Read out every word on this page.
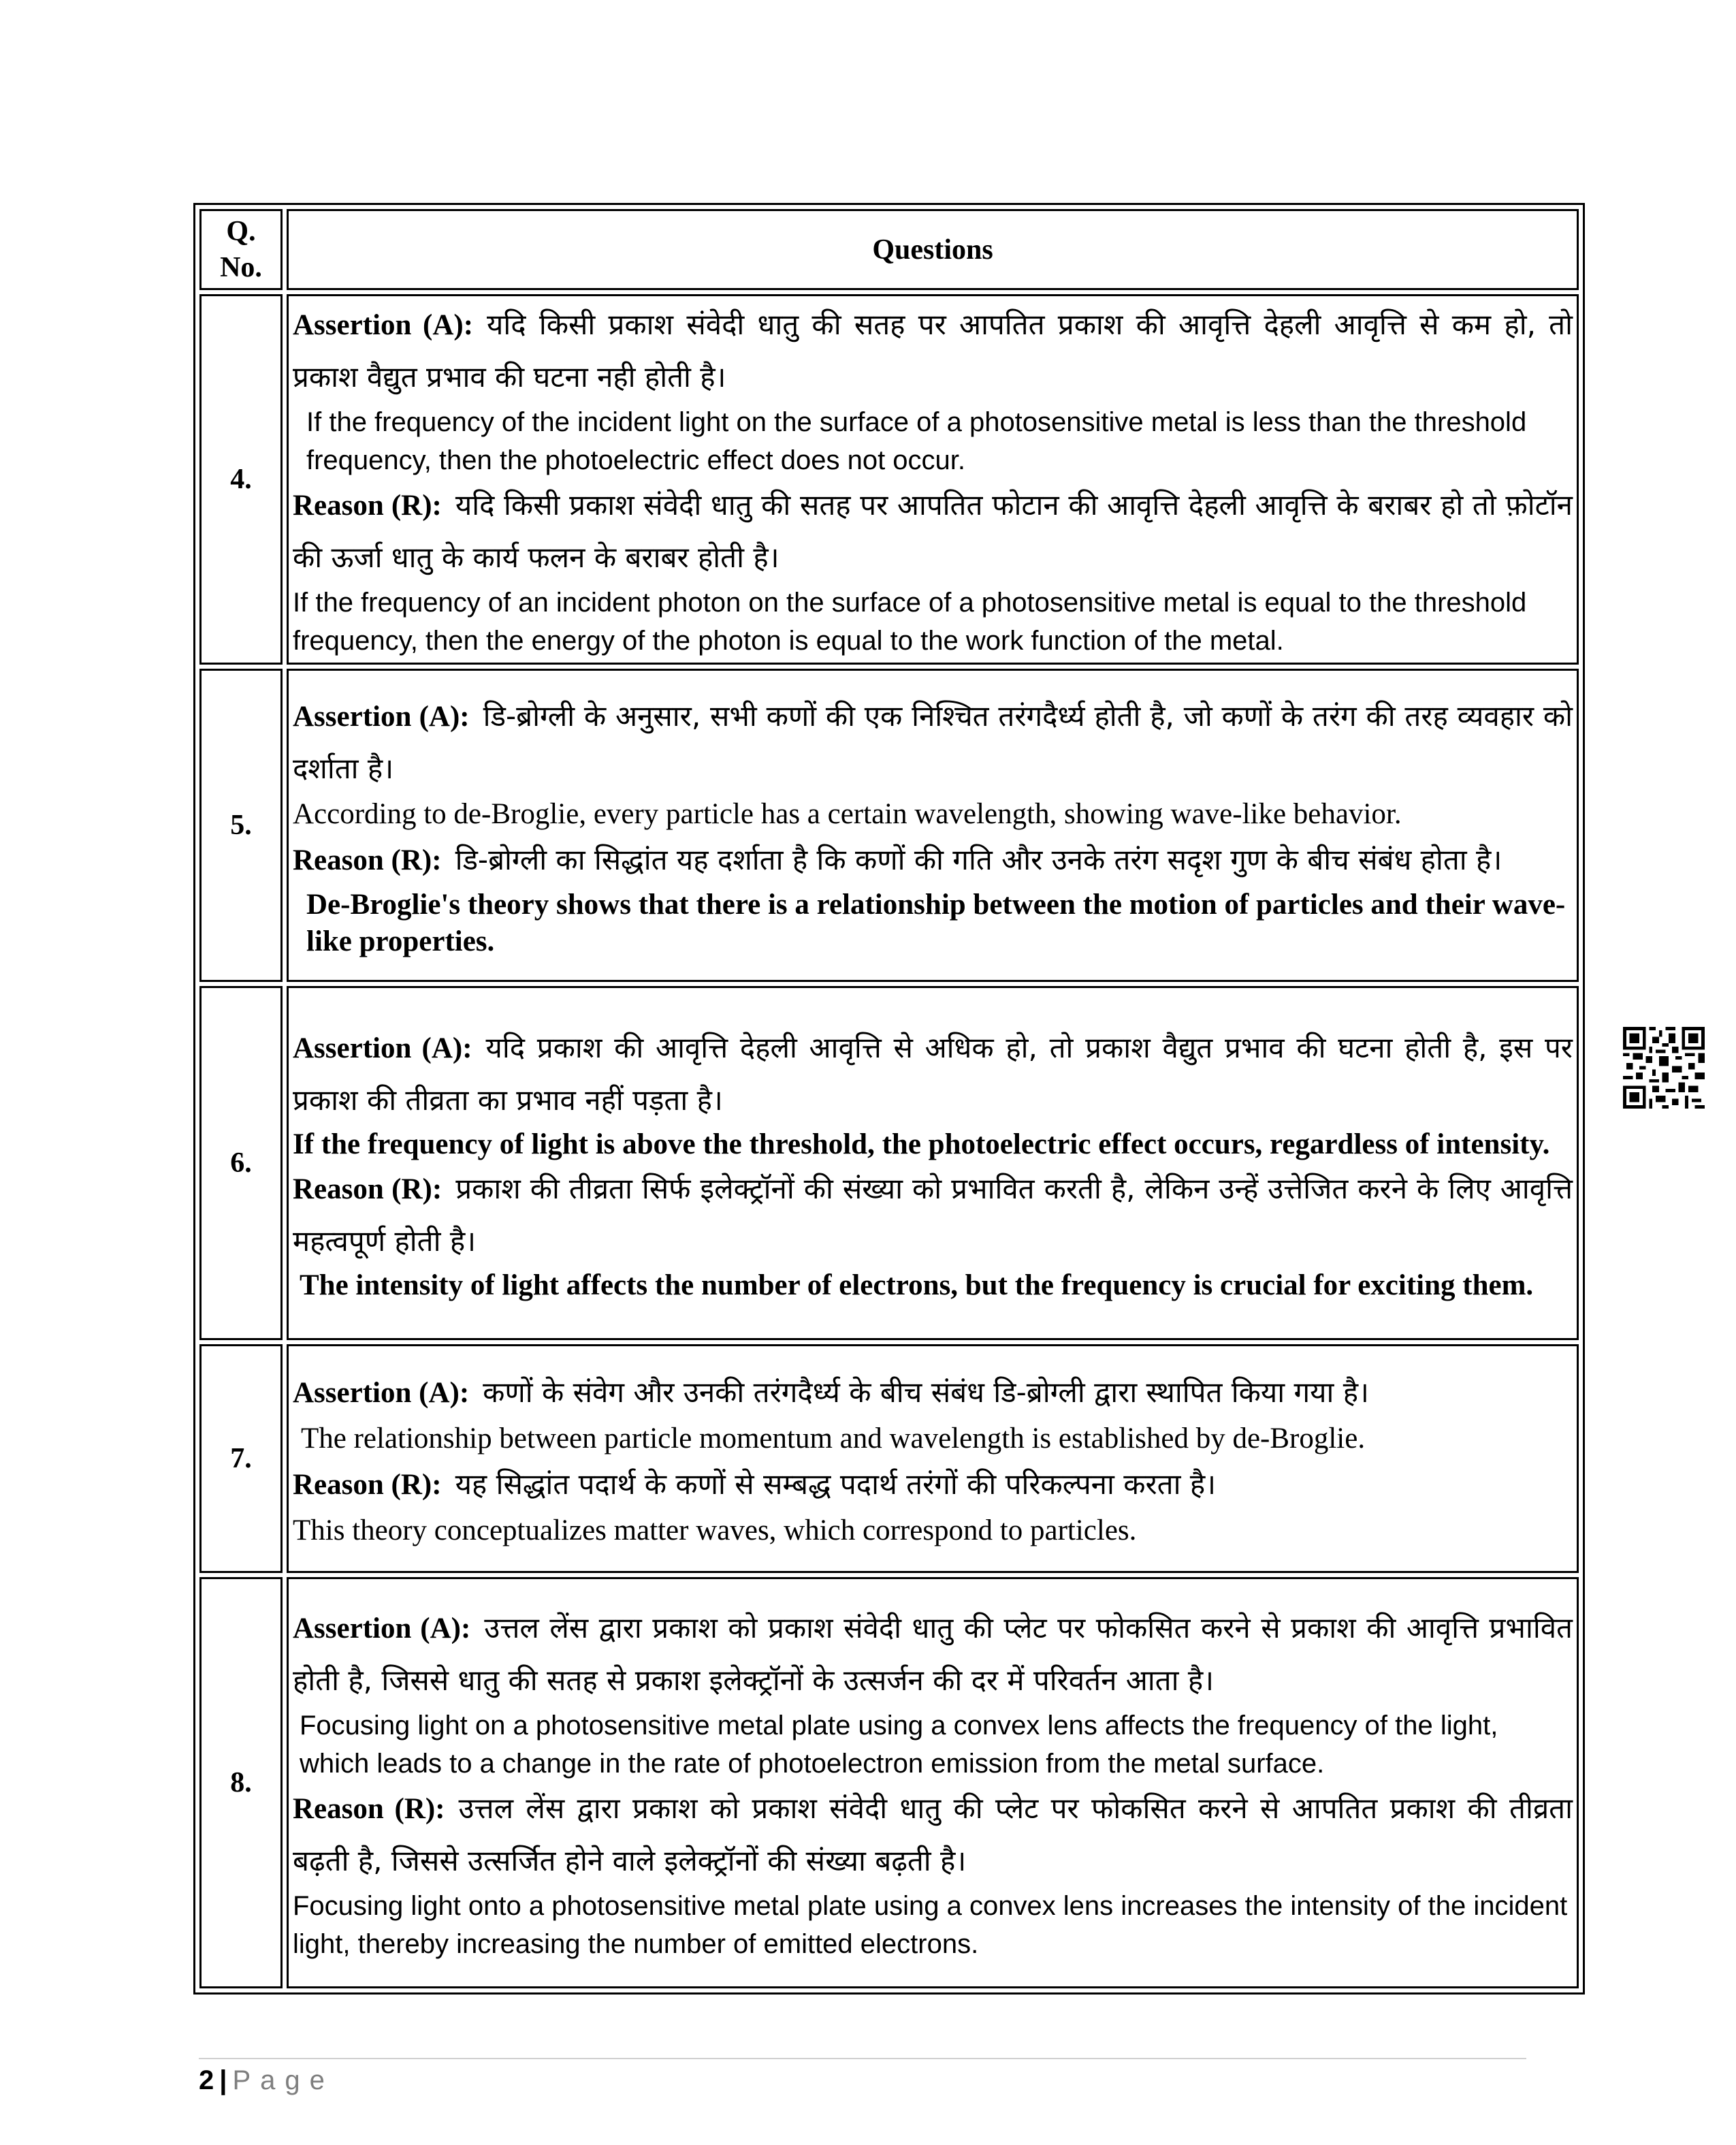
Q. No.	Questions
4.	Assertion (A): यदि किसी प्रकाश संवेदी धातु की सतह पर आपतित प्रकाश की आवृत्ति देहली आवृत्ति से कम हो, तो प्रकाश वैद्युत प्रभाव की घटना नही होती है।

If the frequency of the incident light on the surface of a photosensitive metal is less than the threshold frequency, then the photoelectric effect does not occur.

Reason (R): यदि किसी प्रकाश संवेदी धातु की सतह पर आपतित फोटान की आवृत्ति देहली आवृत्ति के बराबर हो तो फ़ोटॉन की ऊर्जा धातु के कार्य फलन के बराबर होती है।

If the frequency of an incident photon on the surface of a photosensitive metal is equal to the threshold frequency, then the energy of the photon is equal to the work function of the metal.

5.	Assertion (A): डि-ब्रोग्ली के अनुसार, सभी कणों की एक निश्चित तरंगदैर्ध्य होती है, जो कणों के तरंग की तरह व्यवहार को दर्शाता है।

According to de-Broglie, every particle has a certain wavelength, showing wave-like behavior.

Reason (R): डि-ब्रोग्ली का सिद्धांत यह दर्शाता है कि कणों की गति और उनके तरंग सदृश गुण के बीच संबंध होता है।

De-Broglie's theory shows that there is a relationship between the motion of particles and their wave-like properties.

6.	Assertion (A): यदि प्रकाश की आवृत्ति देहली आवृत्ति से अधिक हो, तो प्रकाश वैद्युत प्रभाव की घटना होती है, इस पर प्रकाश की तीव्रता का प्रभाव नहीं पड़ता है।

If the frequency of light is above the threshold, the photoelectric effect occurs, regardless of intensity.

Reason (R): प्रकाश की तीव्रता सिर्फ इलेक्ट्रॉनों की संख्या को प्रभावित करती है, लेकिन उन्हें उत्तेजित करने के लिए आवृत्ति महत्वपूर्ण होती है।

The intensity of light affects the number of electrons, but the frequency is crucial for exciting them.

7.	Assertion (A): कणों के संवेग और उनकी तरंगदैर्ध्य के बीच संबंध डि-ब्रोग्ली द्वारा स्थापित किया गया है।

The relationship between particle momentum and wavelength is established by de-Broglie.

Reason (R): यह सिद्धांत पदार्थ के कणों से सम्बद्ध पदार्थ तरंगों की परिकल्पना करता है।

This theory conceptualizes matter waves, which correspond to particles.

8.	Assertion (A): उत्तल लेंस द्वारा प्रकाश को प्रकाश संवेदी धातु की प्लेट पर फोकसित करने से प्रकाश की आवृत्ति प्रभावित होती है, जिससे धातु की सतह से प्रकाश इलेक्ट्रॉनों के उत्सर्जन की दर में परिवर्तन आता है।

Focusing light on a photosensitive metal plate using a convex lens affects the frequency of the light, which leads to a change in the rate of photoelectron emission from the metal surface.

Reason (R): उत्तल लेंस द्वारा प्रकाश को प्रकाश संवेदी धातु की प्लेट पर फोकसित करने से आपतित प्रकाश की तीव्रता बढ़ती है, जिससे उत्सर्जित होने वाले इलेक्ट्रॉनों की संख्या बढ़ती है।

Focusing light onto a photosensitive metal plate using a convex lens increases the intensity of the incident light, thereby increasing the number of emitted electrons.

2 | Page
